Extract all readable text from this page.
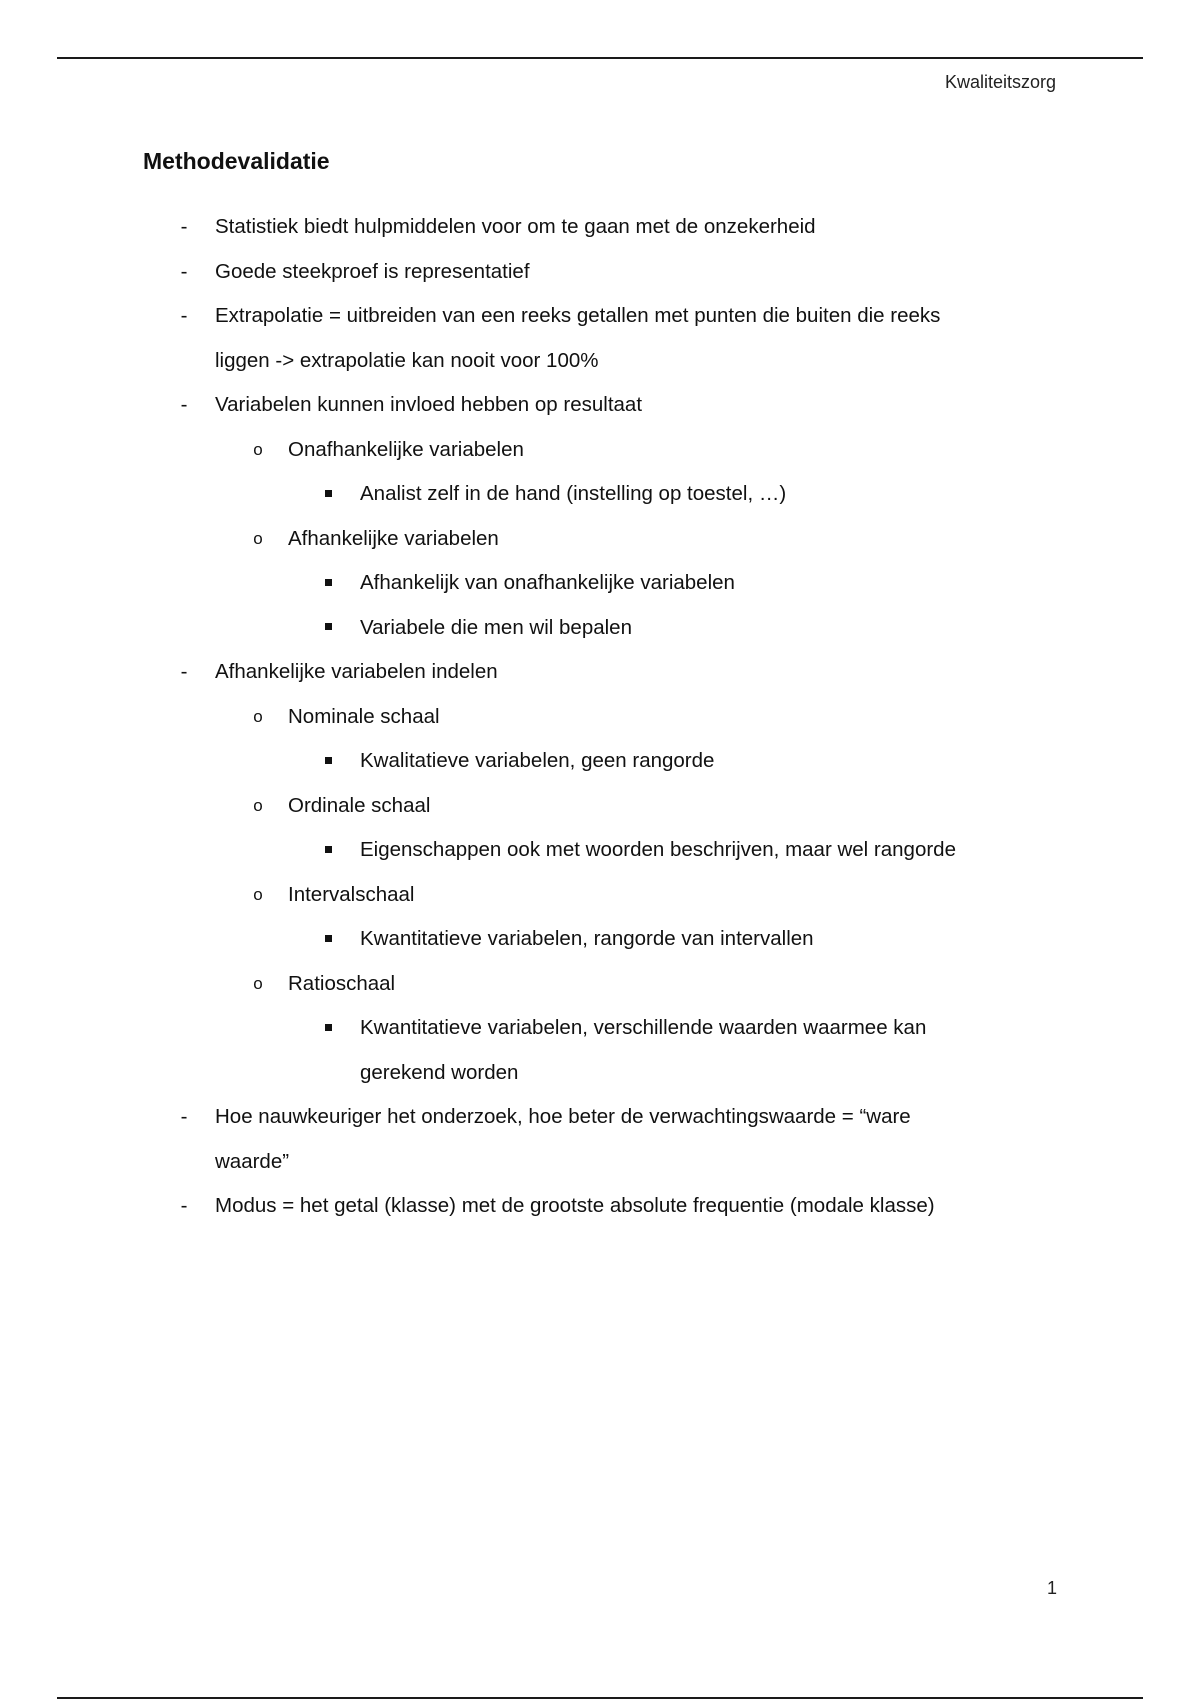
Kwaliteitszorg
Methodevalidatie
-	Statistiek biedt hulpmiddelen voor om te gaan met de onzekerheid
-	Goede steekproef is representatief
-	Extrapolatie = uitbreiden van een reeks getallen met punten die buiten die reeks
liggen -> extrapolatie kan nooit voor 100%
-	Variabelen kunnen invloed hebben op resultaat
o Onafhankelijke variabelen
Analist zelf in de hand (instelling op toestel, …)
o Afhankelijke variabelen
Afhankelijk van onafhankelijke variabelen
Variabele die men wil bepalen
-	Afhankelijke variabelen indelen
o Nominale schaal
Kwalitatieve variabelen, geen rangorde
o Ordinale schaal
Eigenschappen ook met woorden beschrijven, maar wel rangorde
o Intervalschaal
Kwantitatieve variabelen, rangorde van intervallen
o Ratioschaal
Kwantitatieve variabelen, verschillende waarden waarmee kan
gerekend worden
-	Hoe nauwkeuriger het onderzoek, hoe beter de verwachtingswaarde = “ware
waarde”
-	Modus = het getal (klasse) met de grootste absolute frequentie (modale klasse)
1
